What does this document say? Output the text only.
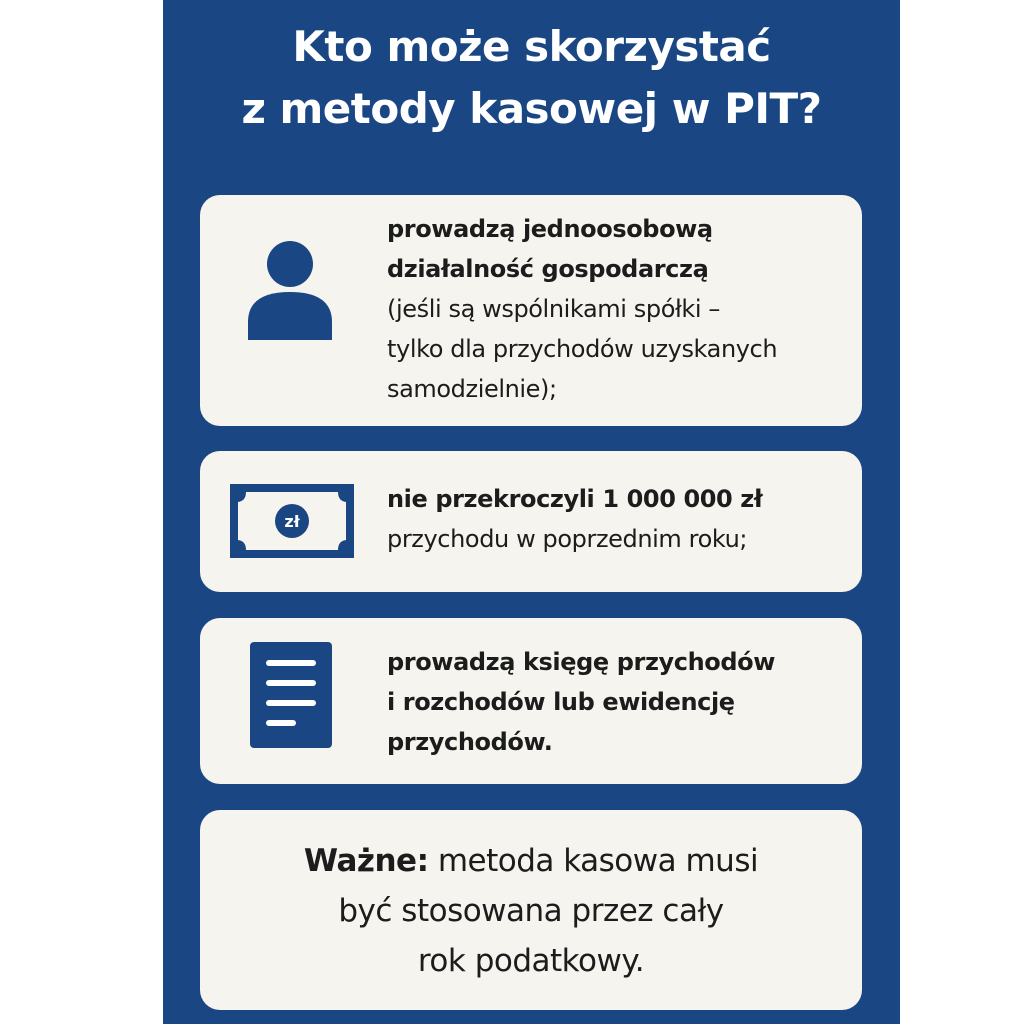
Kto może skorzystać
z metody kasowej w PIT?
prowadzą jednoosobową
działalność gospodarczą
(jeśli są wspólnikami spółki –
tylko dla przychodów uzyskanych
samodzielnie);
zł
nie przekroczyli 1 000 000 zł
przychodu w poprzednim roku;
prowadzą księgę przychodów
i rozchodów lub ewidencję
przychodów.
Ważne: metoda kasowa musi
być stosowana przez cały
rok podatkowy.
